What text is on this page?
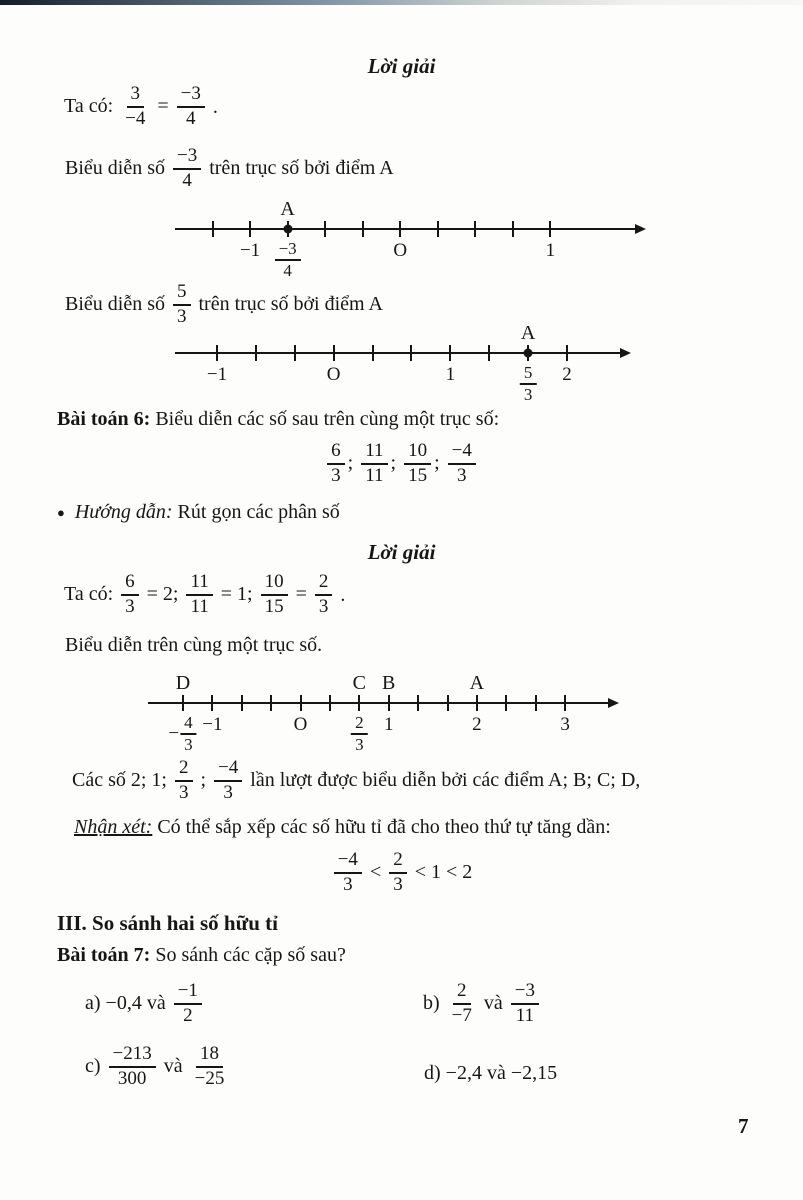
Lời giải
Ta có: $\frac{3}{-4} = \frac{-3}{4}$ .
Biểu diễn số $\frac{-3}{4}$ trên trục số bởi điểm A
$-1 \frac{-3}{4}$	O	1
A
Biểu diễn số $\frac{5}{3}$ trên trục số bởi điểm A
−1	O	1	$\frac{5}{3} 2$
A
Bài toán 6: Biểu diễn các số sau trên cùng một trục số:
$\frac{6}{3}$ ; $\frac{11}{11}$ ; $\frac{10}{15}$ ; $\frac{-4}{3}$
●
Hướng dẫn: Rút gọn các phân số
Lời giải
Ta có: $\frac{6}{3} = 2$; $\frac{11}{11} = 1$; $\frac{10}{15} = \frac{2}{3}$ .
Biểu diễn trên cùng một trục số.
− $\frac{4}{3} -1$	O	$\frac{2}{3} 1$	2	3
D	C B	A
Các số 2; 1; $\frac{2}{3}$ ; $\frac{-4}{3}$ lần lượt được biểu diễn bởi các điểm A; B; C; D,
Nhận xét: Có thể sắp xếp các số hữu tỉ đã cho theo thứ tự tăng dần:
$\frac{-4}{3} < \frac{2}{3} < 1 < 2$
III. So sánh hai số hữu tỉ
Bài toán 7: So sánh các cặp số sau?
a) −0,4 và $\frac{-1}{2}$	$b) \frac{2}{-7}$ và $\frac{-3}{11}$
$c) \frac{-213}{300}$ và $\frac{18}{-25}$	d) −2,4 và −2,15
7
